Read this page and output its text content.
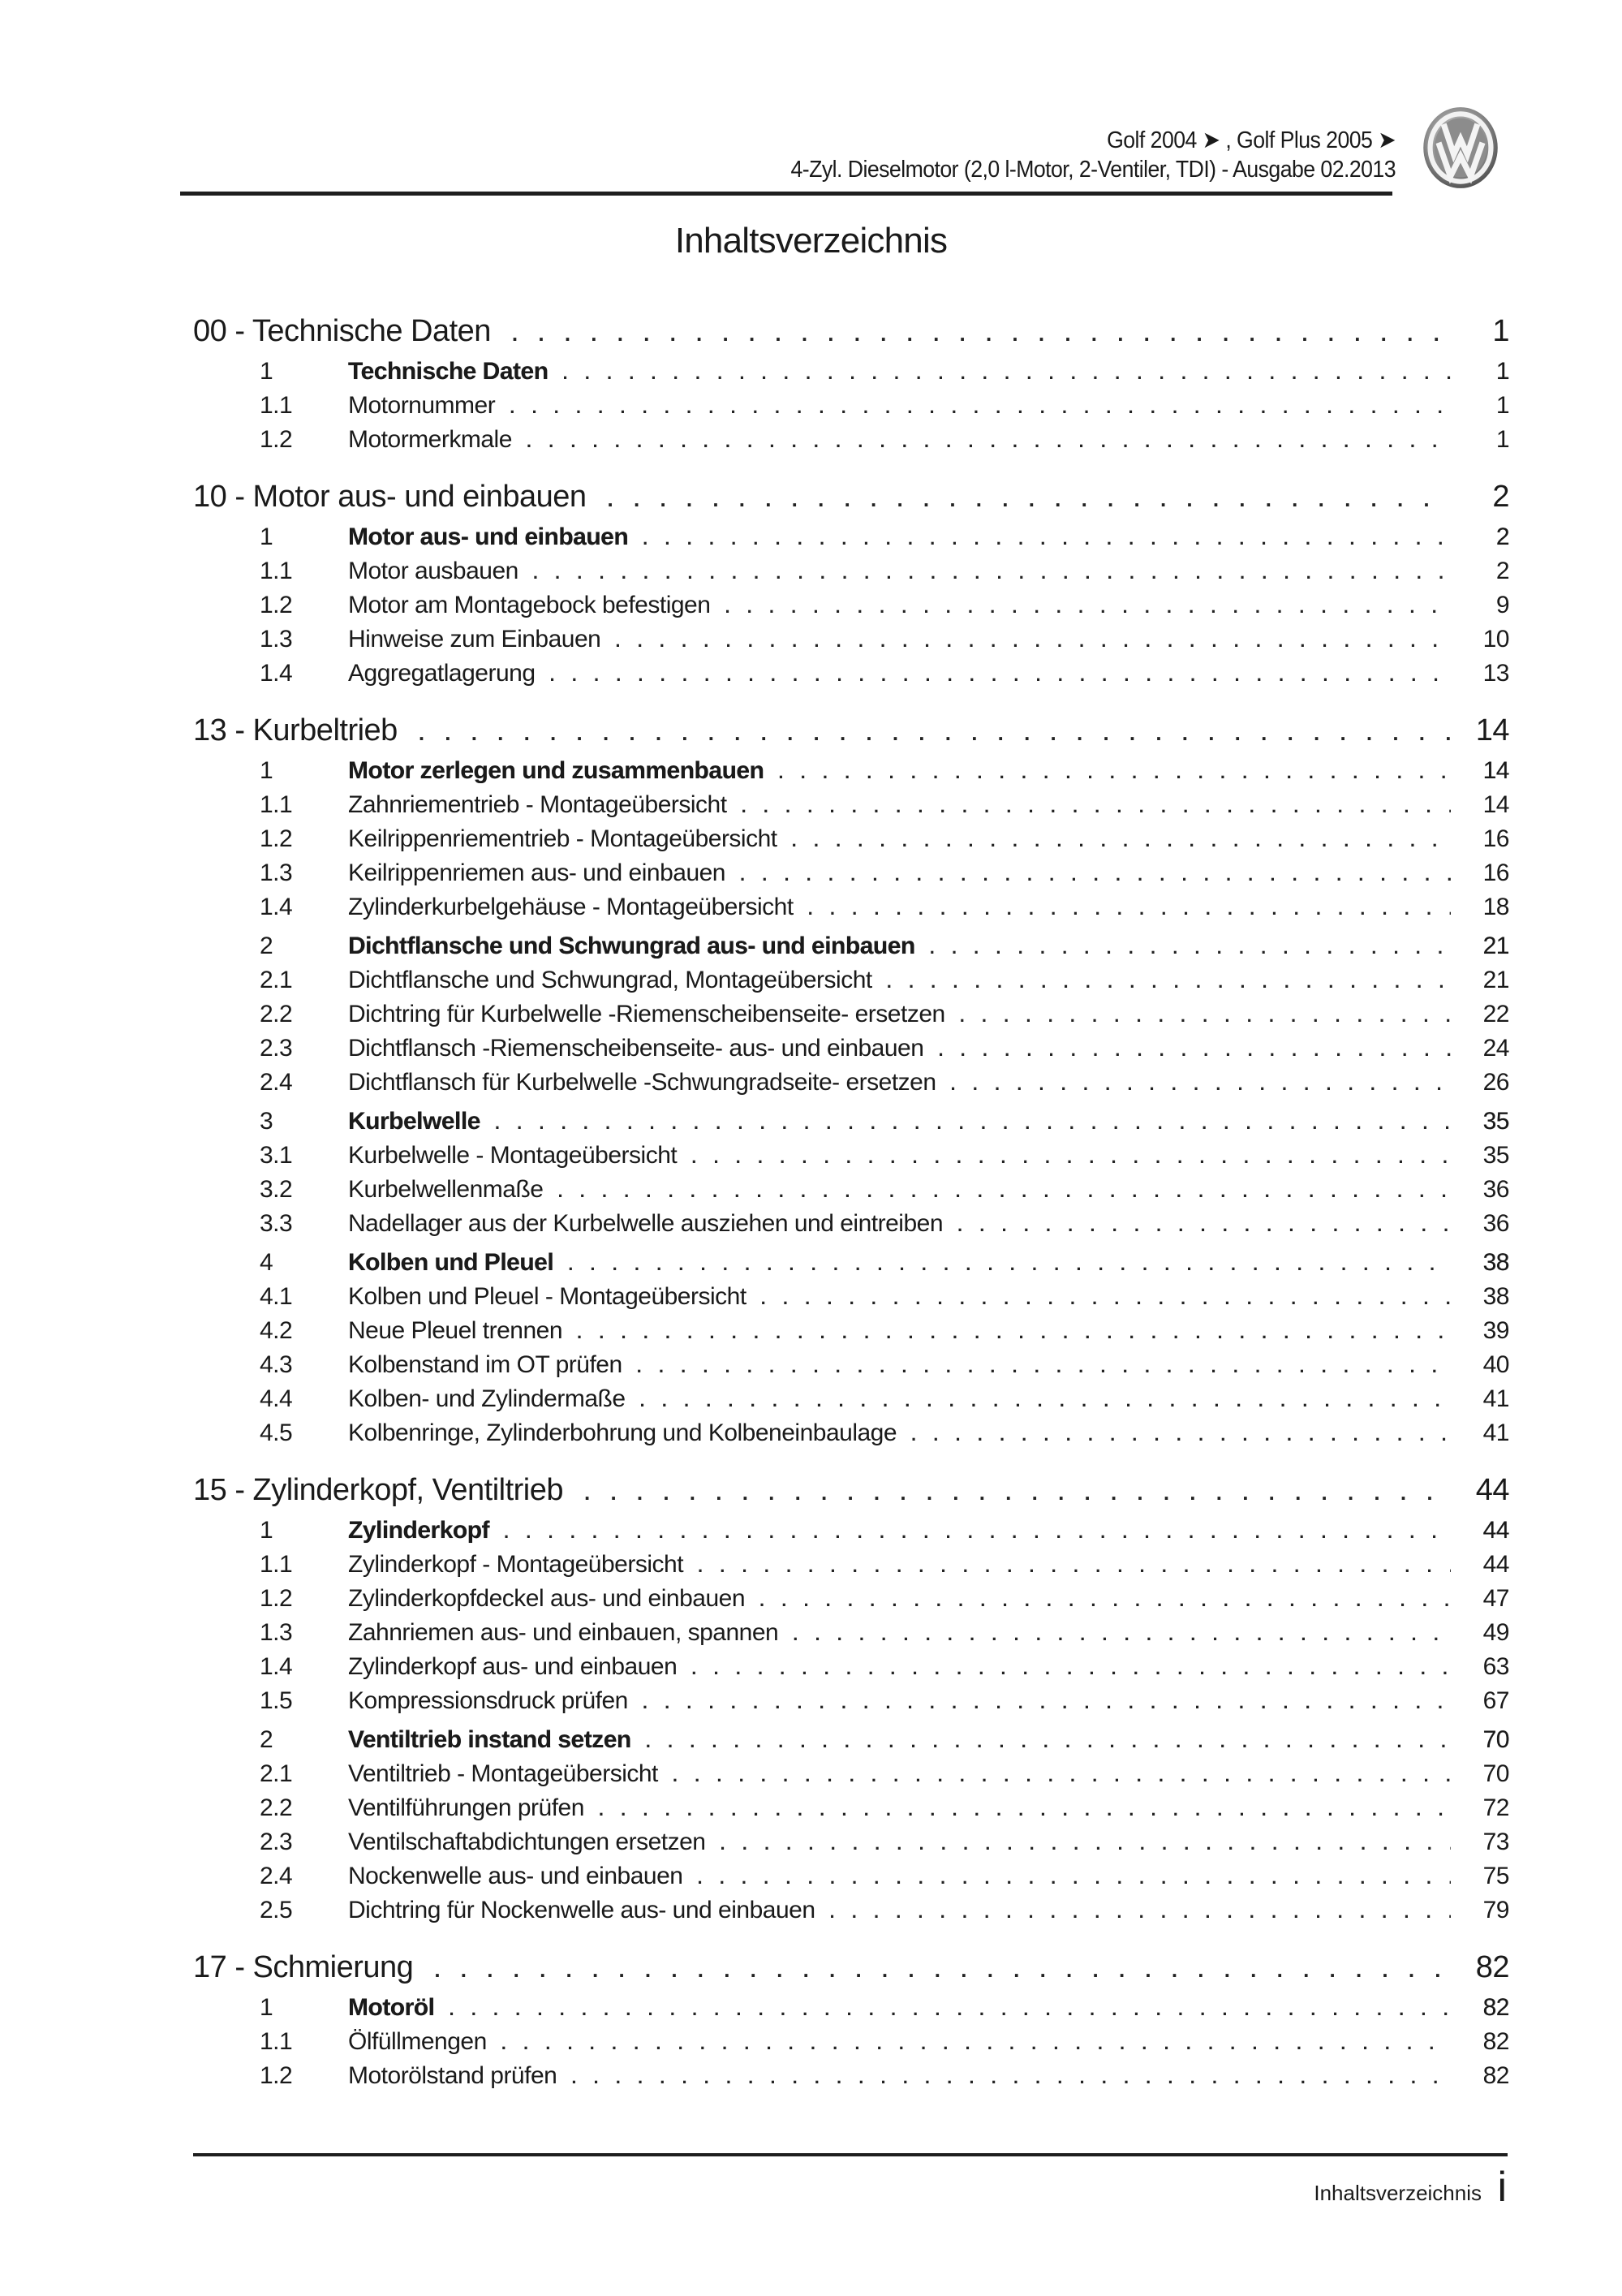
Golf 2004 ➤ , Golf Plus 2005 ➤
4-Zyl. Dieselmotor (2,0 l-Motor, 2-Ventiler, TDI) - Ausgabe 02.2013
Inhaltsverzeichnis
00 - Technische Daten . . .	1
1	Technische Daten . . .	1
1.1	Motornummer . . .	1
1.2	Motormerkmale . . .	1
10 - Motor aus- und einbauen . . .	2
1	Motor aus- und einbauen . . .	2
1.1	Motor ausbauen . . .	2
1.2	Motor am Montagebock befestigen . . .	9
1.3	Hinweise zum Einbauen . . .	10
1.4	Aggregatlagerung . . .	13
13 - Kurbeltrieb . . .	14
1	Motor zerlegen und zusammenbauen . . .	14
1.1	Zahnriementrieb - Montageübersicht . . .	14
1.2	Keilrippenriementrieb - Montageübersicht . . .	16
1.3	Keilrippenriemen aus- und einbauen . . .	16
1.4	Zylinderkurbelgehäuse - Montageübersicht . . .	18
2	Dichtflansche und Schwungrad aus- und einbauen . . .	21
2.1	Dichtflansche und Schwungrad, Montageübersicht . . .	21
2.2	Dichtring für Kurbelwelle -Riemenscheibenseite- ersetzen . . .	22
2.3	Dichtflansch -Riemenscheibenseite- aus- und einbauen . . .	24
2.4	Dichtflansch für Kurbelwelle -Schwungradseite- ersetzen . . .	26
3	Kurbelwelle . . .	35
3.1	Kurbelwelle - Montageübersicht . . .	35
3.2	Kurbelwellenmaße . . .	36
3.3	Nadellager aus der Kurbelwelle ausziehen und eintreiben . . .	36
4	Kolben und Pleuel . . .	38
4.1	Kolben und Pleuel - Montageübersicht . . .	38
4.2	Neue Pleuel trennen . . .	39
4.3	Kolbenstand im OT prüfen . . .	40
4.4	Kolben- und Zylindermaße . . .	41
4.5	Kolbenringe, Zylinderbohrung und Kolbeneinbaulage . . .	41
15 - Zylinderkopf, Ventiltrieb . . .	44
1	Zylinderkopf . . .	44
1.1	Zylinderkopf - Montageübersicht . . .	44
1.2	Zylinderkopfdeckel aus- und einbauen . . .	47
1.3	Zahnriemen aus- und einbauen, spannen . . .	49
1.4	Zylinderkopf aus- und einbauen . . .	63
1.5	Kompressionsdruck prüfen . . .	67
2	Ventiltrieb instand setzen . . .	70
2.1	Ventiltrieb - Montageübersicht . . .	70
2.2	Ventilführungen prüfen . . .	72
2.3	Ventilschaftabdichtungen ersetzen . . .	73
2.4	Nockenwelle aus- und einbauen . . .	75
2.5	Dichtring für Nockenwelle aus- und einbauen . . .	79
17 - Schmierung . . .	82
1	Motoröl . . .	82
1.1	Ölfüllmengen . . .	82
1.2	Motorölstand prüfen . . .	82
Inhaltsverzeichnis i
